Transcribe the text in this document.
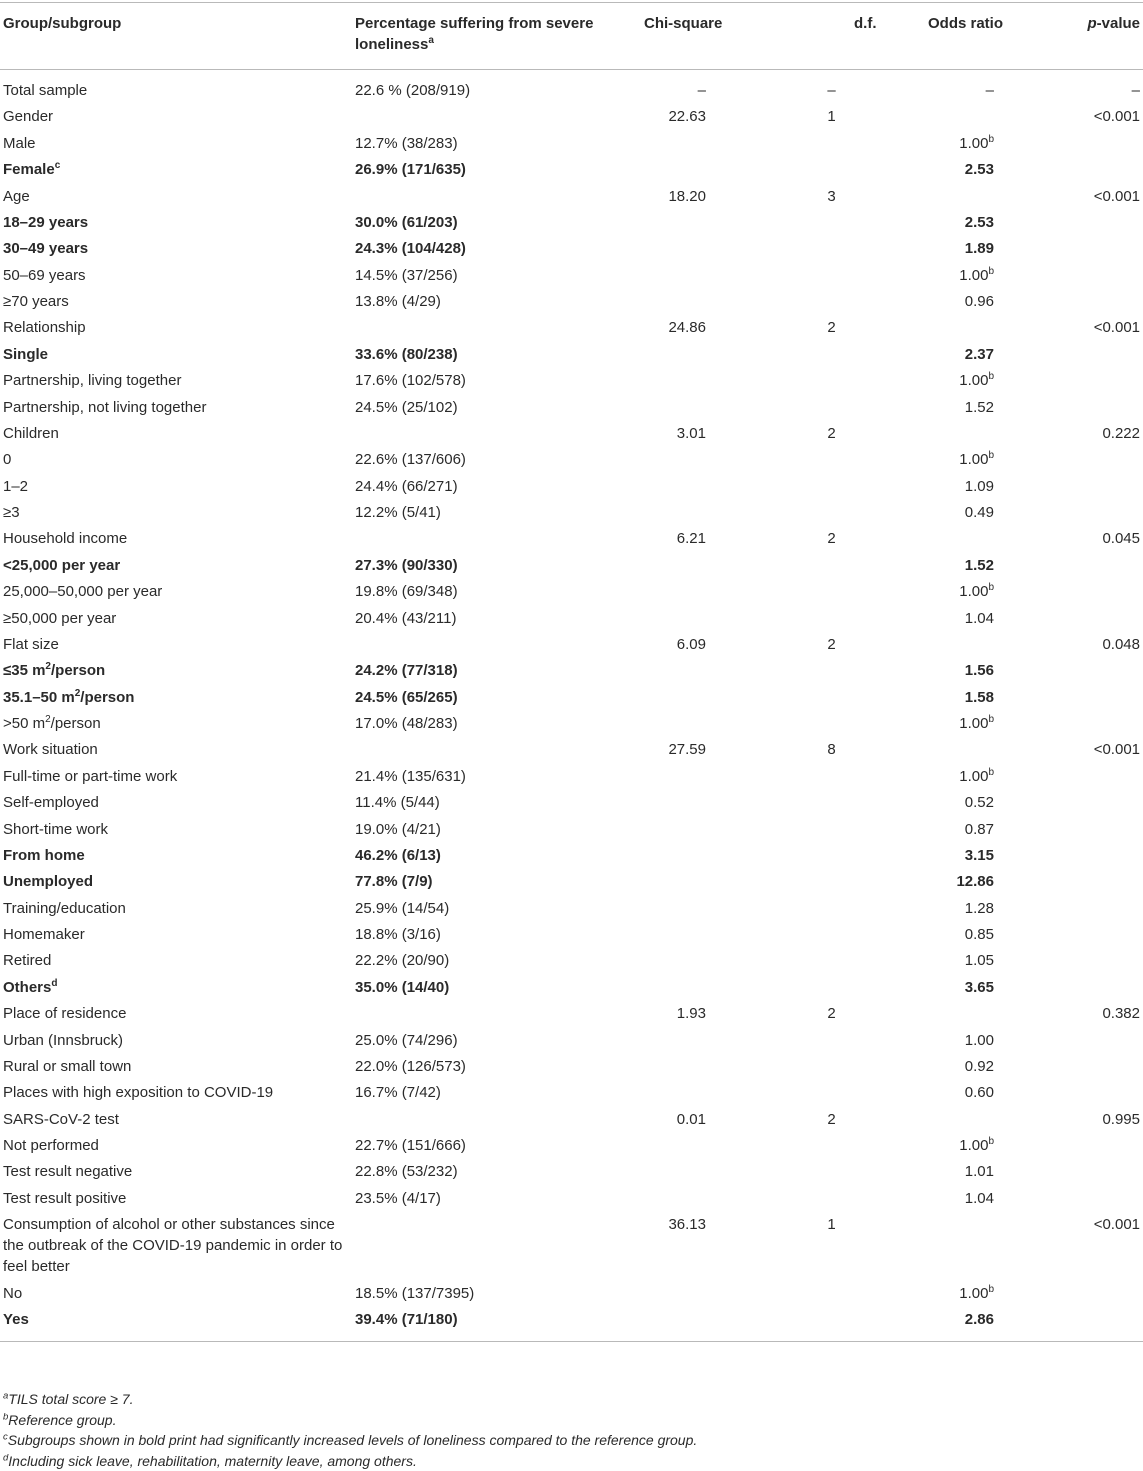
Group/subgroup	Percentage suffering from severe loneliness$^a$	Chi-square	d.f.	Odds ratio	p-value
Total sample	22.6 % (208/919)	–	–	–	–
Gender		22.63	1		<0.001
Male	12.7% (38/283)			1.00$^b$	
Female$^c$	26.9% (171/635)			2.53	
Age		18.20	3		<0.001
18–29 years	30.0% (61/203)			2.53	
30–49 years	24.3% (104/428)			1.89	
50–69 years	14.5% (37/256)			1.00$^b$	
≥70 years	13.8% (4/29)			0.96	
Relationship		24.86	2		<0.001
Single	33.6% (80/238)			2.37	
Partnership, living together	17.6% (102/578)			1.00$^b$	
Partnership, not living together	24.5% (25/102)			1.52	
Children		3.01	2		0.222
0	22.6% (137/606)			1.00$^b$	
1–2	24.4% (66/271)			1.09	
≥3	12.2% (5/41)			0.49	
Household income		6.21	2		0.045
<25,000 per year	27.3% (90/330)			1.52	
25,000–50,000 per year	19.8% (69/348)			1.00$^b$	
≥50,000 per year	20.4% (43/211)			1.04	
Flat size		6.09	2		0.048
≤35 $m^2$/person	24.2% (77/318)			1.56	
35.1–50 $m^2$/person	24.5% (65/265)			1.58	
>50 $m^2$/person	17.0% (48/283)			1.00$^b$	
Work situation		27.59	8		<0.001
Full-time or part-time work	21.4% (135/631)			1.00$^b$	
Self-employed	11.4% (5/44)			0.52	
Short-time work	19.0% (4/21)			0.87	
From home	46.2% (6/13)			3.15	
Unemployed	77.8% (7/9)			12.86	
Training/education	25.9% (14/54)			1.28	
Homemaker	18.8% (3/16)			0.85	
Retired	22.2% (20/90)			1.05	
Others$^d$	35.0% (14/40)			3.65	
Place of residence		1.93	2		0.382
Urban (Innsbruck)	25.0% (74/296)			1.00	
Rural or small town	22.0% (126/573)			0.92	
Places with high exposition to COVID-19	16.7% (7/42)			0.60	
SARS-CoV-2 test		0.01	2		0.995
Not performed	22.7% (151/666)			1.00$^b$	
Test result negative	22.8% (53/232)			1.01	
Test result positive	23.5% (4/17)			1.04	
Consumption of alcohol or other substances since the outbreak of the COVID-19 pandemic in order to feel better		36.13	1		<0.001
No	18.5% (137/7395)			1.00$^b$	
Yes	39.4% (71/180)			2.86	

$^a$TILS total score ≥ 7.

$^b$Reference group.

$^c$Subgroups shown in bold print had significantly increased levels of loneliness compared to the reference group.

$^d$Including sick leave, rehabilitation, maternity leave, among others.
